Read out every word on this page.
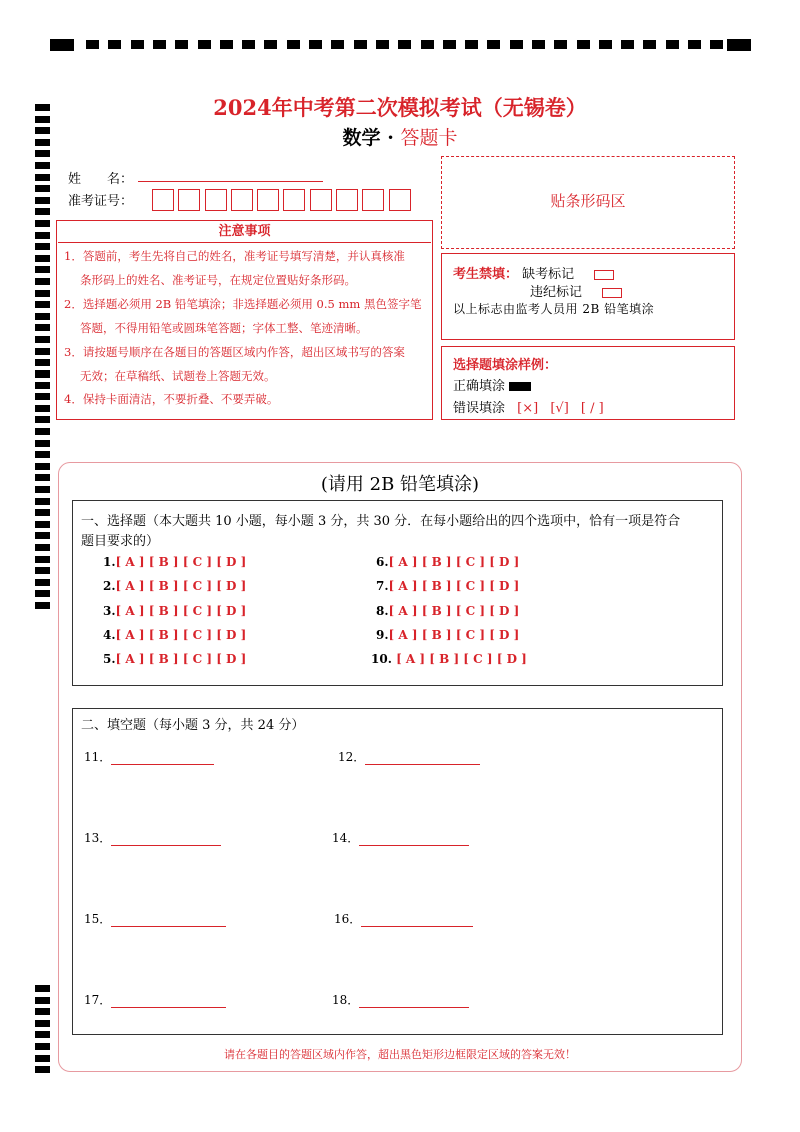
2024年中考第二次模拟考试（无锡卷）
数学 · 答题卡
姓　　名：
准考证号：	贴条形码区
注意事项

1．答题前，考生先将自己的姓名，准考证号填写清楚，并认真核准

条形码上的姓名、准考证号，在规定位置贴好条形码。

2．选择题必须用 2B 铅笔填涂；非选择题必须用 0.5 mm 黑色签字笔

答题，不得用铅笔或圆珠笔答题；字体工整、笔迹清晰。

3．请按题号顺序在各题目的答题区域内作答，超出区域书写的答案

无效；在草稿纸、试题卷上答题无效。

4．保持卡面清洁，不要折叠、不要弄破。

考生禁填： 缺考标记
违纪标记
以上标志由监考人员用 2B 铅笔填涂
选择题填涂样例：
正确填涂
错误填涂 [×] [√] [ / ]
(请用 2B 铅笔填涂)
一、选择题（本大题共 10 小题，每小题 3 分，共 30 分．在每小题给出的四个选项中，恰有一项是符合
题目要求的）
1.[ A ] [ B ] [ C ] [ D ]
2.[ A ] [ B ] [ C ] [ D ]
3.[ A ] [ B ] [ C ] [ D ]
4.[ A ] [ B ] [ C ] [ D ]
5.[ A ] [ B ] [ C ] [ D ]
6.[ A ] [ B ] [ C ] [ D ]
7.[ A ] [ B ] [ C ] [ D ]
8.[ A ] [ B ] [ C ] [ D ]
9.[ A ] [ B ] [ C ] [ D ]
10. [ A ] [ B ] [ C ] [ D ]
二、填空题（每小题 3 分，共 24 分）
11．	12．
13．	14．
15．	16．
17．	18．
请在各题目的答题区域内作答，超出黑色矩形边框限定区域的答案无效！
